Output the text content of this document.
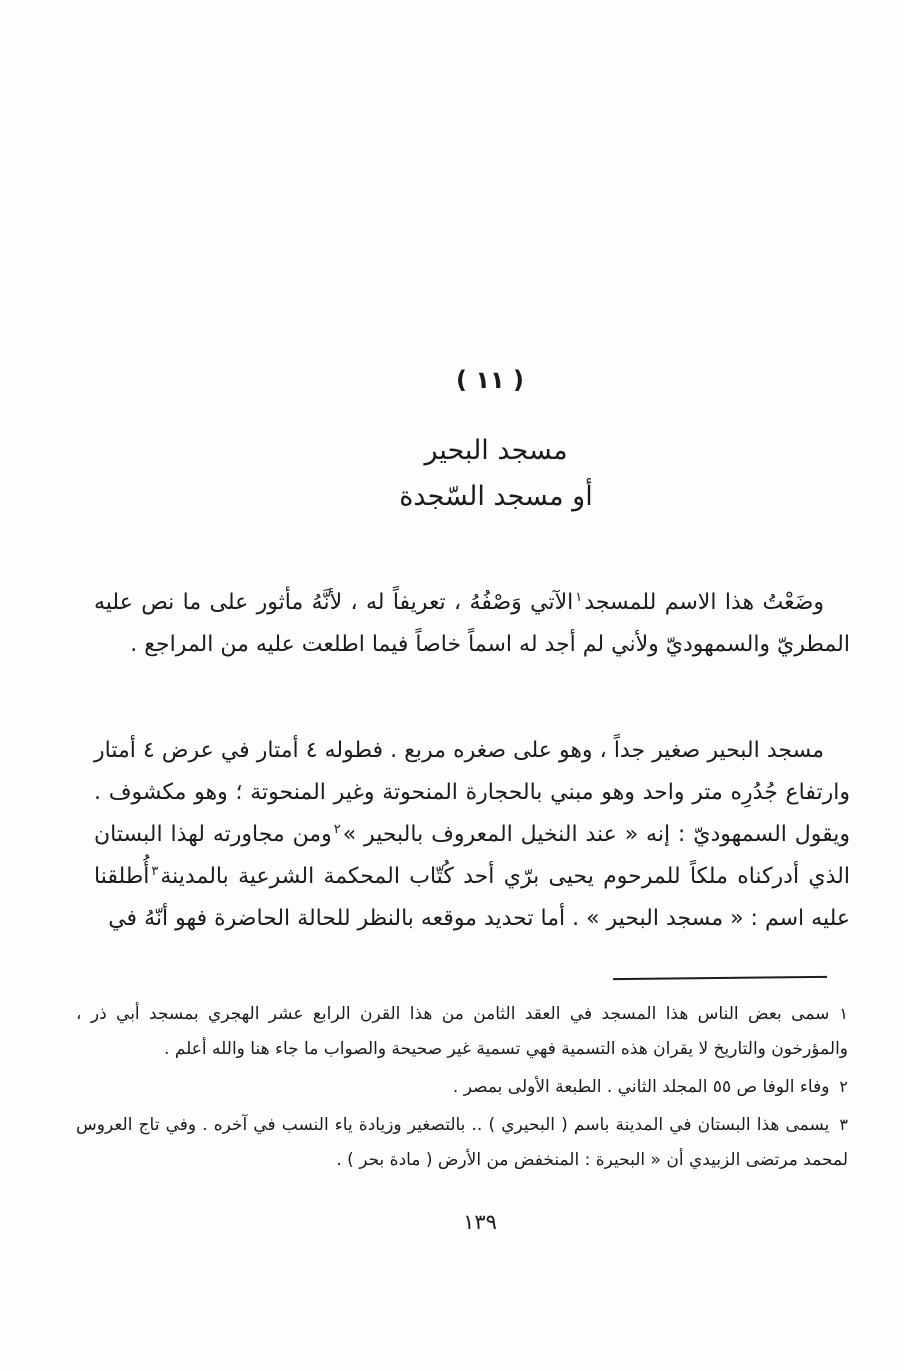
( ١١ )
مسجد البحير
أو مسجد السّجدة

وضَعْتُ هذا الاسم للمسجد$^١$الآتي وَصْفُهُ ، تعريفاً له ، لأنَّهُ مأثور على ما نص عليه المطريّ والسمهوديّ ولأني لم أجد له اسماً خاصاً فيما اطلعت عليه من المراجع .

مسجد البحير صغير جداً ، وهو على صغره مربع . فطوله ٤ أمتار في عرض ٤ أمتار وارتفاع جُدُرِه متر واحد وهو مبني بالحجارة المنحوتة وغير المنحوتة ؛ وهو مكشوف . ويقول السمهوديّ : إنه « عند النخيل المعروف بالبحير »$^٢$ومن مجاورته لهذا البستان الذي أدركناه ملكاً للمرحوم يحيى برّي أحد كُتّاب المحكمة الشرعية بالمدينة$^٣$أُطلقنا عليه اسم : « مسجد البحير » . أما تحديد موقعه بالنظر للحالة الحاضرة فهو أنّهُ في

١سمى بعض الناس هذا المسجد في العقد الثامن من هذا القرن الرابع عشر الهجري بمسجد أبي ذر ، والمؤرخون والتاريخ لا يقران هذه التسمية فهي تسمية غير صحيحة والصواب ما جاء هنا والله أعلم .

٢وفاء الوفا ص ٥٥ المجلد الثاني . الطبعة الأولى بمصر .

٣يسمى هذا البستان في المدينة باسم ( البحيري ) .. بالتصغير وزيادة ياء النسب في آخره . وفي تاج العروس لمحمد مرتضى الزبيدي أن « البحيرة : المنخفض من الأرض ( مادة بحر ) .

١٣٩
